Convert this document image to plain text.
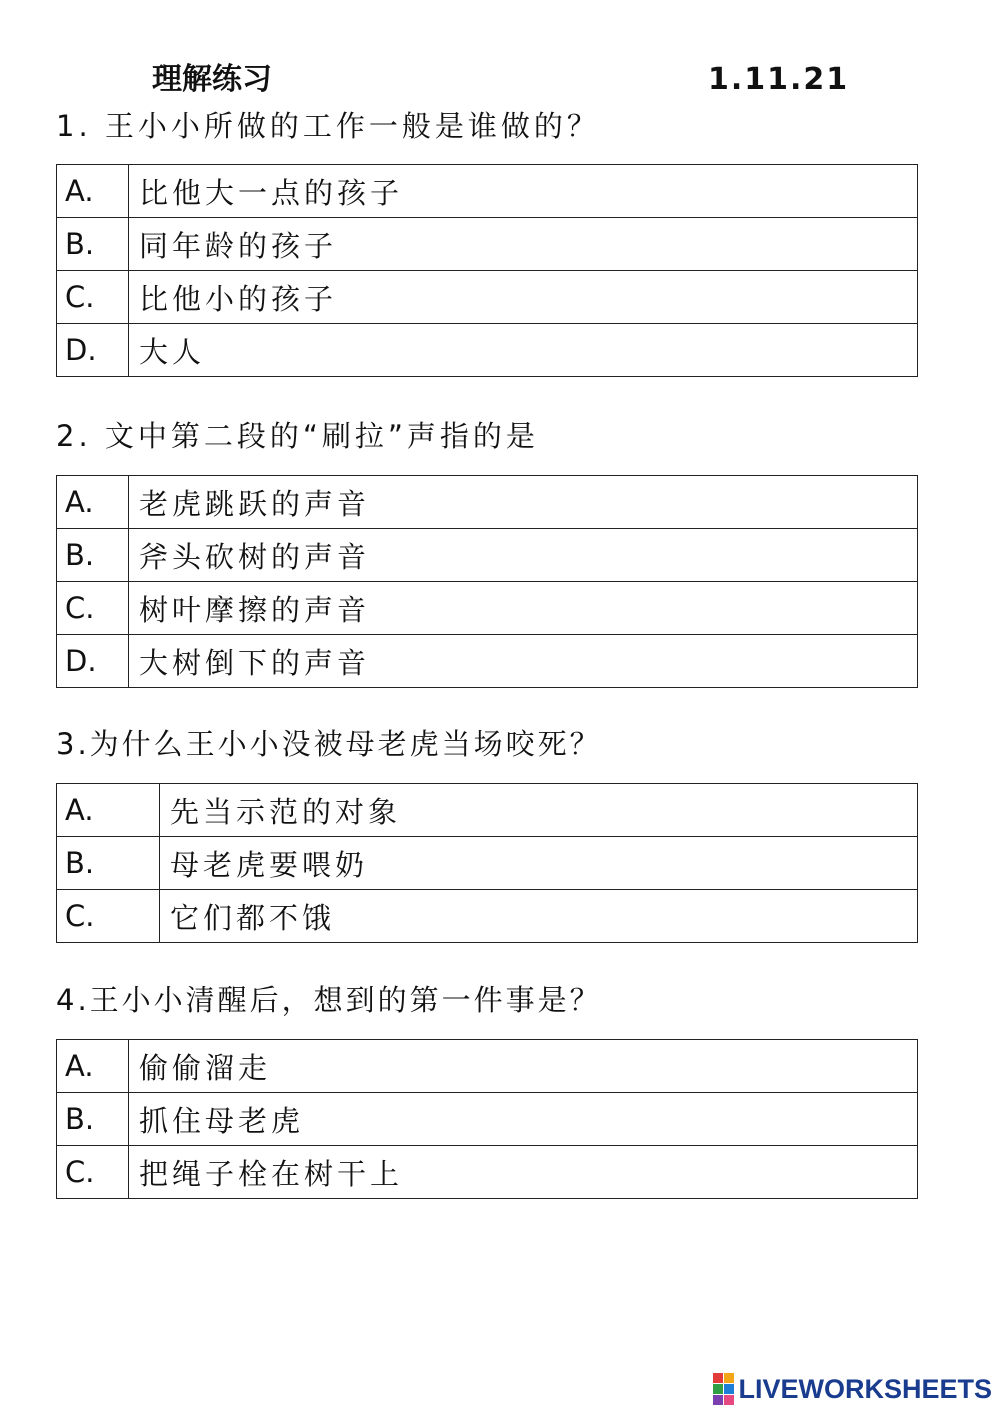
理解练习	1.11.21
1. 王小小所做的工作一般是谁做的？
A.	比他大一点的孩子
B.	同年龄的孩子
C.	比他小的孩子
D.	大人
2. 文中第二段的“刷拉”声指的是
A.	老虎跳跃的声音
B.	斧头砍树的声音
C.	树叶摩擦的声音
D.	大树倒下的声音
3.为什么王小小没被母老虎当场咬死？
A.	先当示范的对象
B.	母老虎要喂奶
C.	它们都不饿
4.王小小清醒后，想到的第一件事是？
A.	偷偷溜走
B.	抓住母老虎
C.	把绳子栓在树干上
LIVEWORKSHEETS
